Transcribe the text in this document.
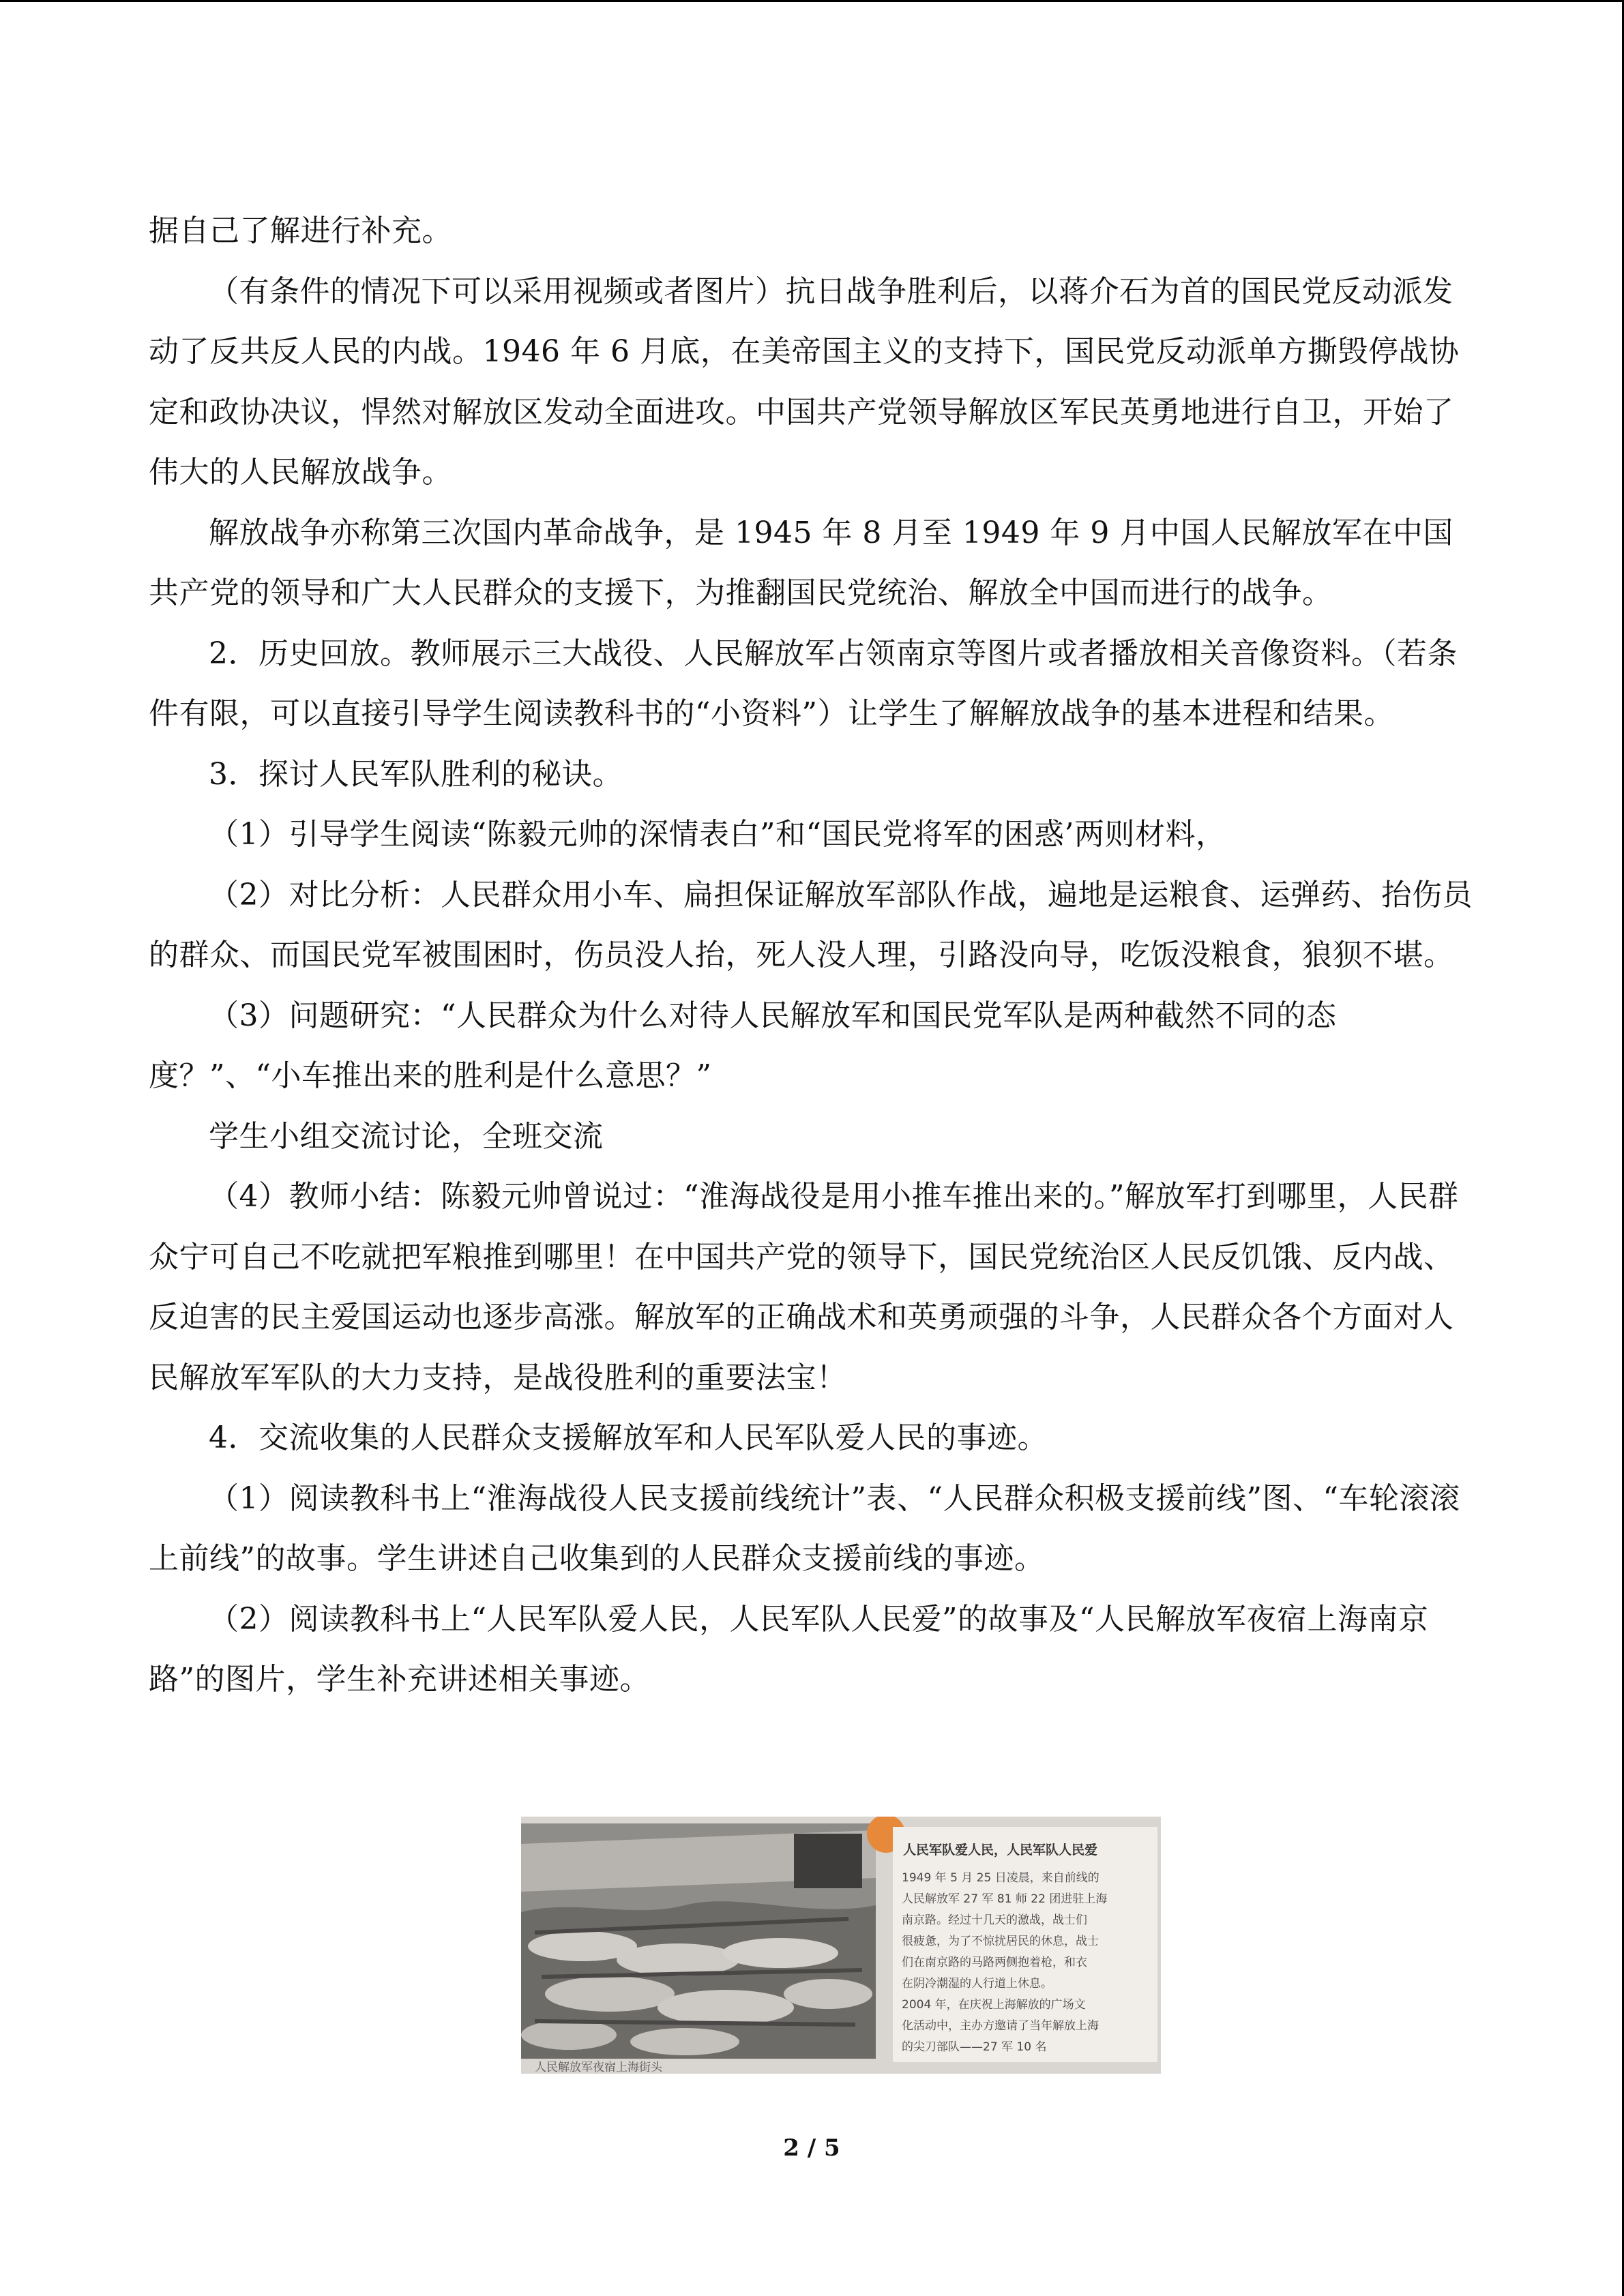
据自己了解进行补充。

（有条件的情况下可以采用视频或者图片）抗日战争胜利后，以蒋介石为首的国民党反动派发动了反共反人民的内战。1946 年 6 月底，在美帝国主义的支持下，国民党反动派单方撕毁停战协定和政协决议，悍然对解放区发动全面进攻。中国共产党领导解放区军民英勇地进行自卫，开始了伟大的人民解放战争。

解放战争亦称第三次国内革命战争，是 1945 年 8 月至 1949 年 9 月中国人民解放军在中国共产党的领导和广大人民群众的支援下，为推翻国民党统治、解放全中国而进行的战争。

2．历史回放。教师展示三大战役、人民解放军占领南京等图片或者播放相关音像资料。（若条件有限，可以直接引导学生阅读教科书的“小资料”）让学生了解解放战争的基本进程和结果。

3．探讨人民军队胜利的秘诀。

（1）引导学生阅读“陈毅元帅的深情表白”和“国民党将军的困惑’两则材料，

（2）对比分析：人民群众用小车、扁担保证解放军部队作战，遍地是运粮食、运弹药、抬伤员的群众、而国民党军被围困时，伤员没人抬，死人没人理，引路没向导，吃饭没粮食，狼狈不堪。

（3）问题研究：“人民群众为什么对待人民解放军和国民党军队是两种截然不同的态度？”、“小车推出来的胜利是什么意思？”

学生小组交流讨论，全班交流

（4）教师小结：陈毅元帅曾说过：“淮海战役是用小推车推出来的。”解放军打到哪里，人民群众宁可自己不吃就把军粮推到哪里！在中国共产党的领导下，国民党统治区人民反饥饿、反内战、反迫害的民主爱国运动也逐步高涨。解放军的正确战术和英勇顽强的斗争，人民群众各个方面对人民解放军军队的大力支持，是战役胜利的重要法宝！

4．交流收集的人民群众支援解放军和人民军队爱人民的事迹。

（1）阅读教科书上“淮海战役人民支援前线统计”表、“人民群众积极支援前线”图、“车轮滚滚上前线”的故事。学生讲述自己收集到的人民群众支援前线的事迹。

（2）阅读教科书上“人民军队爱人民，人民军队人民爱”的故事及“人民解放军夜宿上海南京路”的图片，学生补充讲述相关事迹。

人民军队爱人民，人民军队人民爱
1949 年 5 月 25 日凌晨，来自前线的
人民解放军 27 军 81 师 22 团进驻上海
南京路。经过十几天的激战，战士们
很疲惫，为了不惊扰居民的休息，战士
们在南京路的马路两侧抱着枪，和衣
在阴冷潮湿的人行道上休息。
2004 年，在庆祝上海解放的广场文
化活动中，主办方邀请了当年解放上海
的尖刀部队——27 军 10 名
人民解放军夜宿上海街头
2 / 5
